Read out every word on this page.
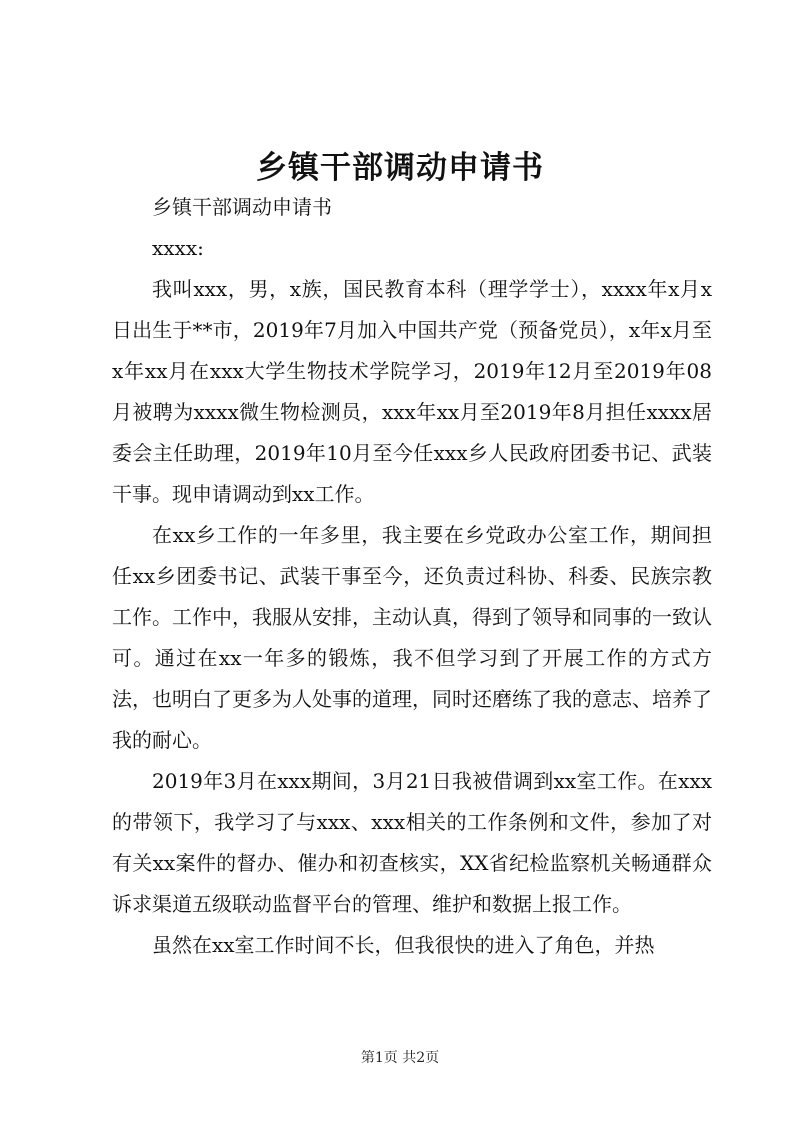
乡镇干部调动申请书

乡镇干部调动申请书

xxxx:

我叫xxx，男，x族，国民教育本科（理学学士），xxxx年x月x日出生于**市，2019年7月加入中国共产党（预备党员），x年x月至x年xx月在xxx大学生物技术学院学习，2019年12月至2019年08月被聘为xxxx微生物检测员，xxx年xx月至2019年8月担任xxxx居委会主任助理，2019年10月至今任xxx乡人民政府团委书记、武装干事。现申请调动到xx工作。

在xx乡工作的一年多里，我主要在乡党政办公室工作，期间担任xx乡团委书记、武装干事至今，还负责过科协、科委、民族宗教工作。工作中，我服从安排，主动认真，得到了领导和同事的一致认可。通过在xx一年多的锻炼，我不但学习到了开展工作的方式方法，也明白了更多为人处事的道理，同时还磨练了我的意志、培养了我的耐心。

2019年3月在xxx期间，3月21日我被借调到xx室工作。在xxx的带领下，我学习了与xxx、xxx相关的工作条例和文件，参加了对有关xx案件的督办、催办和初查核实，XX省纪检监察机关畅通群众诉求渠道五级联动监督平台的管理、维护和数据上报工作。

虽然在xx室工作时间不长，但我很快的进入了角色，并热

第1页 共2页
